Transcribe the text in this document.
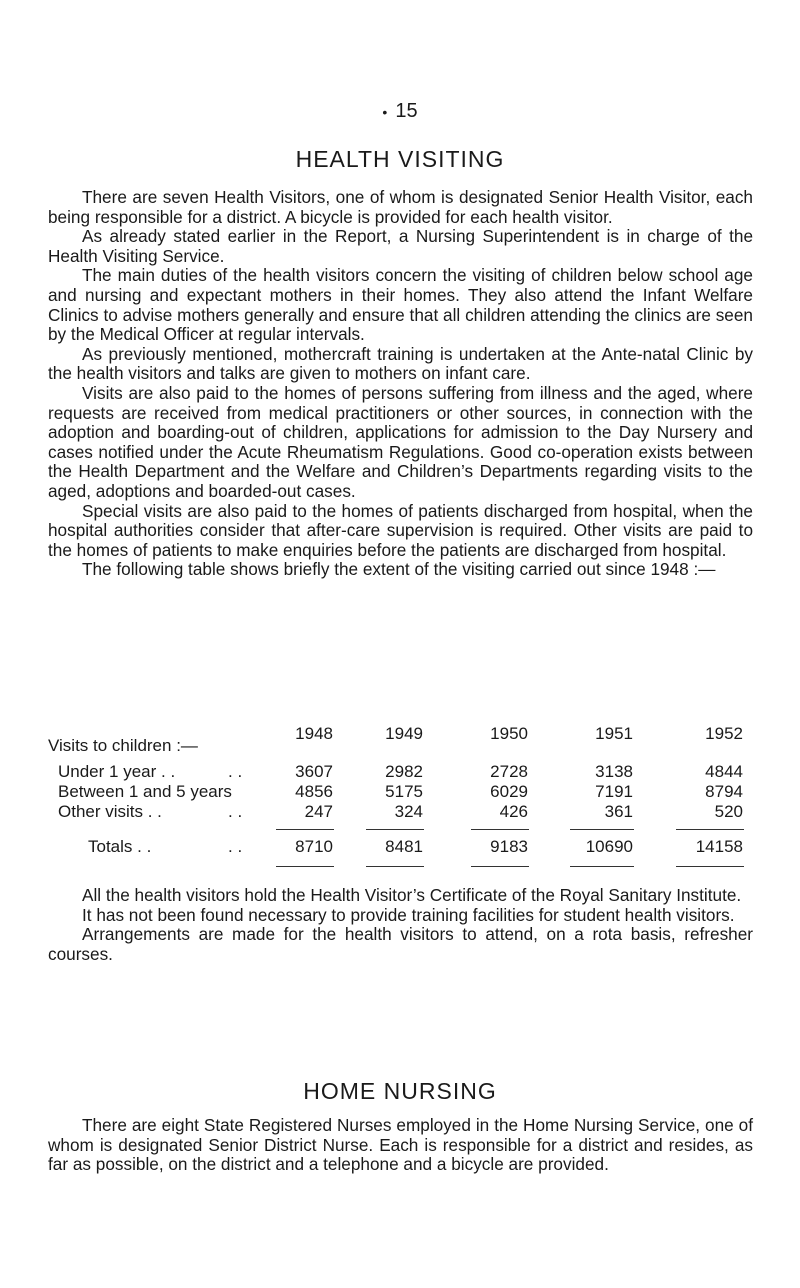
• 15
HEALTH VISITING

There are seven Health Visitors, one of whom is designated Senior Health Visitor, each being responsible for a district. A bicycle is provided for each health visitor.

As already stated earlier in the Report, a Nursing Superintendent is in charge of the Health Visiting Service.

The main duties of the health visitors concern the visiting of children below school age and nursing and expectant mothers in their homes. They also attend the Infant Welfare Clinics to advise mothers generally and ensure that all children attending the clinics are seen by the Medical Officer at regular intervals.

As previously mentioned, mothercraft training is undertaken at the Ante-natal Clinic by the health visitors and talks are given to mothers on infant care.

Visits are also paid to the homes of persons suffering from illness and the aged, where requests are received from medical practitioners or other sources, in connection with the adoption and boarding-out of children, applications for admission to the Day Nursery and cases notified under the Acute Rheumatism Regulations. Good co-operation exists between the Health Department and the Welfare and Children’s Departments regarding visits to the aged, adoptions and boarded-out cases.

Special visits are also paid to the homes of patients discharged from hospital, when the hospital authorities consider that after-care supervision is required. Other visits are paid to the homes of patients to make enquiries before the patients are discharged from hospital.

The following table shows briefly the extent of the visiting carried out since 1948 :—

1948	1949	1950	1951	1952
Visits to children :—
Under 1 year . .	. .	3607	2982	2728	3138	4844
Between 1 and 5 years	4856	5175	6029	7191	8794
Other visits . .	. .	247	324	426	361	520
Totals . .	. .	8710	8481	9183	10690	14158

All the health visitors hold the Health Visitor’s Certificate of the Royal Sanitary Institute.

It has not been found necessary to provide training facilities for student health visitors.

Arrangements are made for the health visitors to attend, on a rota basis, refresher courses.

HOME NURSING

There are eight State Registered Nurses employed in the Home Nursing Service, one of whom is designated Senior District Nurse. Each is responsible for a district and resides, as far as possible, on the district and a telephone and a bicycle are provided.
